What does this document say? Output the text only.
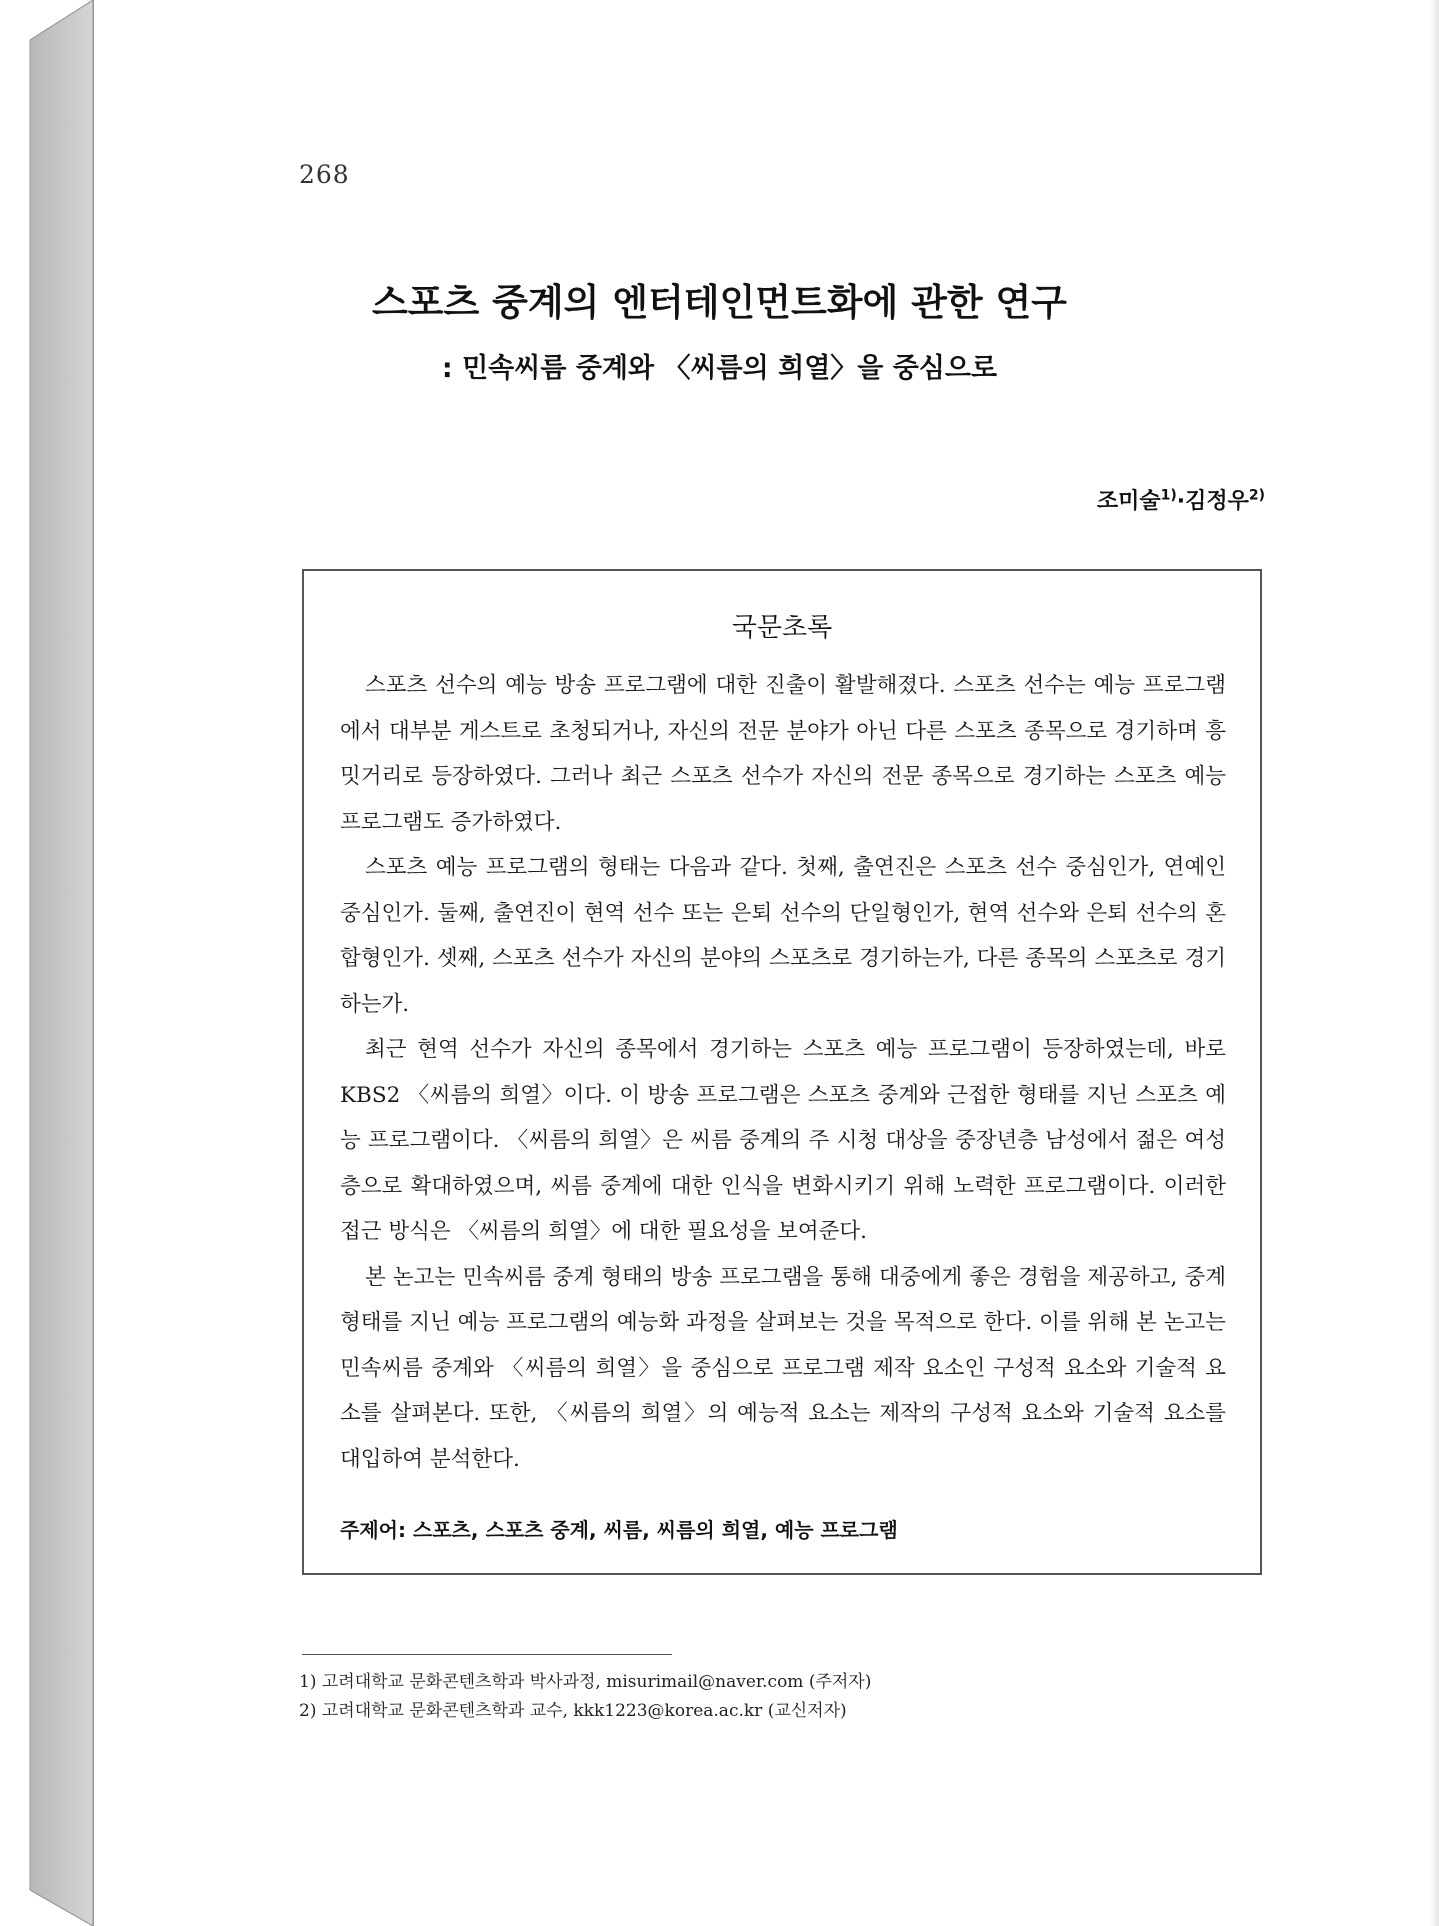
268
스포츠 중계의 엔터테인먼트화에 관한 연구
: 민속씨름 중계와 〈씨름의 희열〉을 중심으로
조미술$^{1)}$·김정우$^{2)}$
국문초록

스포츠 선수의 예능 방송 프로그램에 대한 진출이 활발해졌다. 스포츠 선수는 예능 프로그램에서 대부분 게스트로 초청되거나, 자신의 전문 분야가 아닌 다른 스포츠 종목으로 경기하며 흥밋거리로 등장하였다. 그러나 최근 스포츠 선수가 자신의 전문 종목으로 경기하는 스포츠 예능 프로그램도 증가하였다.

스포츠 예능 프로그램의 형태는 다음과 같다. 첫째, 출연진은 스포츠 선수 중심인가, 연예인 중심인가. 둘째, 출연진이 현역 선수 또는 은퇴 선수의 단일형인가, 현역 선수와 은퇴 선수의 혼합형인가. 셋째, 스포츠 선수가 자신의 분야의 스포츠로 경기하는가, 다른 종목의 스포츠로 경기하는가.

최근 현역 선수가 자신의 종목에서 경기하는 스포츠 예능 프로그램이 등장하였는데, 바로 KBS2 〈씨름의 희열〉이다. 이 방송 프로그램은 스포츠 중계와 근접한 형태를 지닌 스포츠 예능 프로그램이다. 〈씨름의 희열〉은 씨름 중계의 주 시청 대상을 중장년층 남성에서 젊은 여성층으로 확대하였으며, 씨름 중계에 대한 인식을 변화시키기 위해 노력한 프로그램이다. 이러한 접근 방식은 〈씨름의 희열〉에 대한 필요성을 보여준다.

본 논고는 민속씨름 중계 형태의 방송 프로그램을 통해 대중에게 좋은 경험을 제공하고, 중계 형태를 지닌 예능 프로그램의 예능화 과정을 살펴보는 것을 목적으로 한다. 이를 위해 본 논고는 민속씨름 중계와 〈씨름의 희열〉을 중심으로 프로그램 제작 요소인 구성적 요소와 기술적 요소를 살펴본다. 또한, 〈씨름의 희열〉의 예능적 요소는 제작의 구성적 요소와 기술적 요소를 대입하여 분석한다.

주제어: 스포츠, 스포츠 중계, 씨름, 씨름의 희열, 예능 프로그램
1) 고려대학교 문화콘텐츠학과 박사과정, misurimail@naver.com (주저자)
2) 고려대학교 문화콘텐츠학과 교수, kkk1223@korea.ac.kr (교신저자)
